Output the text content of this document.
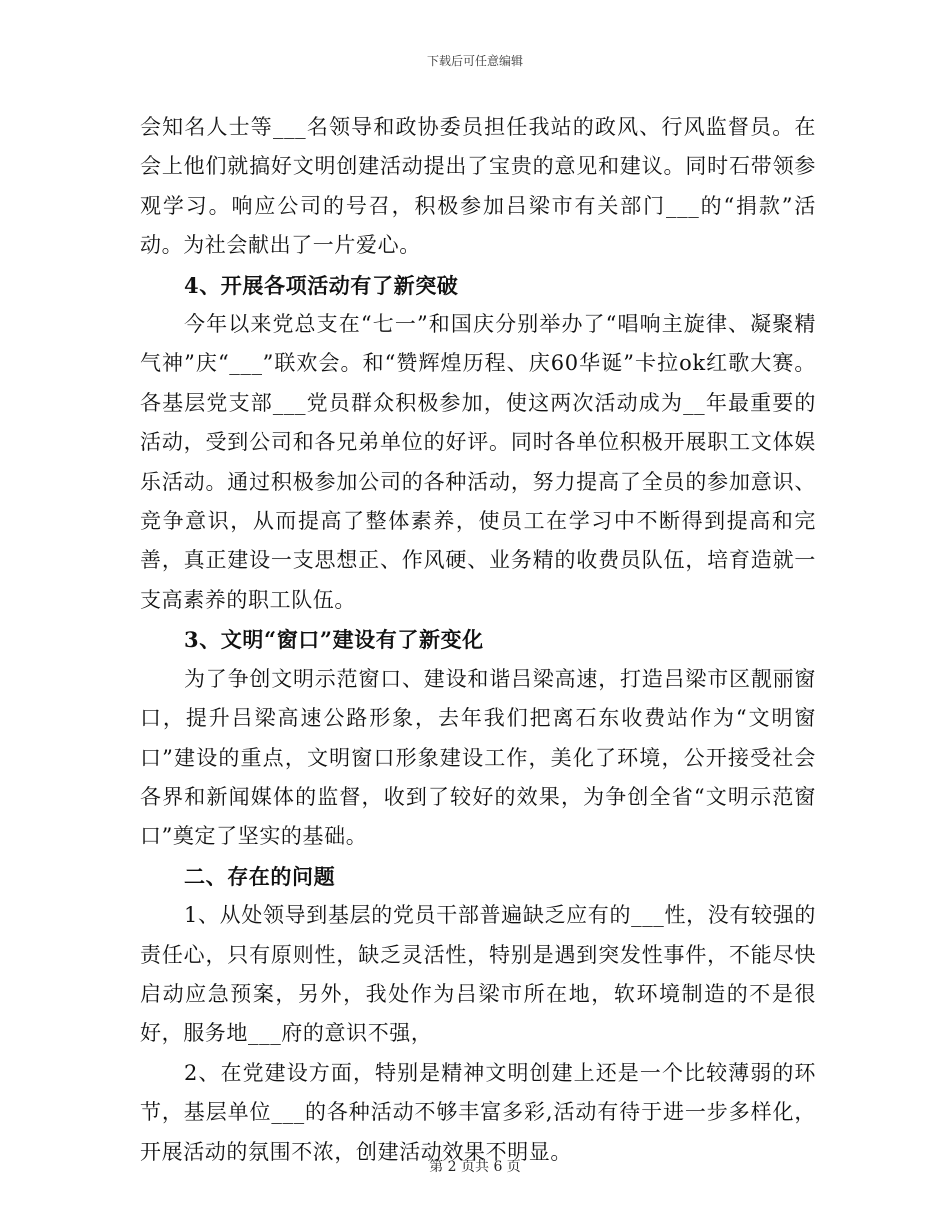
下载后可任意编辑

会知名人士等___名领导和政协委员担任我站的政风、行风监督员。在会上他们就搞好文明创建活动提出了宝贵的意见和建议。同时石带领参观学习。响应公司的号召，积极参加吕梁市有关部门___的“捐款”活动。为社会献出了一片爱心。

4、开展各项活动有了新突破

今年以来党总支在“七一”和国庆分别举办了“唱响主旋律、凝聚精气神”庆“___”联欢会。和“赞辉煌历程、庆60华诞”卡拉ok红歌大赛。各基层党支部___党员群众积极参加，使这两次活动成为__年最重要的活动，受到公司和各兄弟单位的好评。同时各单位积极开展职工文体娱乐活动。通过积极参加公司的各种活动，努力提高了全员的参加意识、竞争意识，从而提高了整体素养，使员工在学习中不断得到提高和完善，真正建设一支思想正、作风硬、业务精的收费员队伍，培育造就一支高素养的职工队伍。

3、文明“窗口”建设有了新变化

为了争创文明示范窗口、建设和谐吕梁高速，打造吕梁市区靓丽窗口，提升吕梁高速公路形象，去年我们把离石东收费站作为“文明窗口”建设的重点，文明窗口形象建设工作，美化了环境，公开接受社会各界和新闻媒体的监督，收到了较好的效果，为争创全省“文明示范窗口”奠定了坚实的基础。

二、存在的问题

1、从处领导到基层的党员干部普遍缺乏应有的___性，没有较强的责任心，只有原则性，缺乏灵活性，特别是遇到突发性事件，不能尽快启动应急预案，另外，我处作为吕梁市所在地，软环境制造的不是很好，服务地___府的意识不强，

2、在党建设方面，特别是精神文明创建上还是一个比较薄弱的环节，基层单位___的各种活动不够丰富多彩,活动有待于进一步多样化，开展活动的氛围不浓，创建活动效果不明显。

第 2 页共 6 页
